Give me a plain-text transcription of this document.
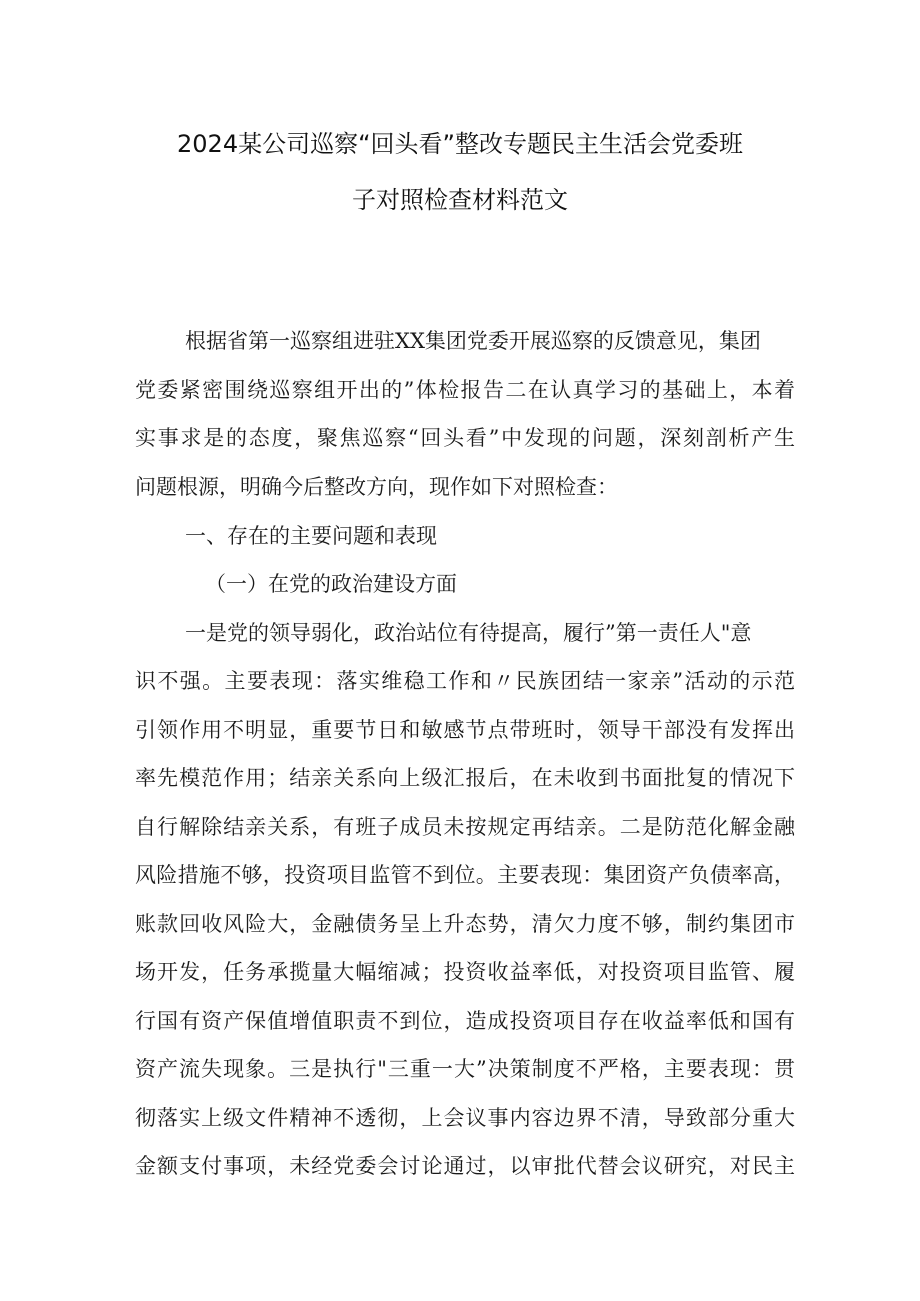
2024某公司巡察“回头看”整改专题民主生活会党委班
子对照检查材料范文
根据省第一巡察组进驻XX集团党委开展巡察的反馈意见，集团
党委紧密围绕巡察组开出的”体检报告二在认真学习的基础上，本着
实事求是的态度，聚焦巡察“回头看”中发现的问题，深刻剖析产生
问题根源，明确今后整改方向，现作如下对照检查：
一、存在的主要问题和表现
（一）在党的政治建设方面
一是党的领导弱化，政治站位有待提高，履行”第一责任人"意
识不强。主要表现：落实维稳工作和〃民族团结一家亲”活动的示范
引领作用不明显，重要节日和敏感节点带班时，领导干部没有发挥出
率先模范作用；结亲关系向上级汇报后，在未收到书面批复的情况下
自行解除结亲关系，有班子成员未按规定再结亲。二是防范化解金融
风险措施不够，投资项目监管不到位。主要表现：集团资产负债率高，
账款回收风险大，金融债务呈上升态势，清欠力度不够，制约集团市
场开发，任务承揽量大幅缩减；投资收益率低，对投资项目监管、履
行国有资产保值增值职责不到位，造成投资项目存在收益率低和国有
资产流失现象。三是执行"三重一大”决策制度不严格，主要表现：贯
彻落实上级文件精神不透彻，上会议事内容边界不清，导致部分重大
金额支付事项，未经党委会讨论通过，以审批代替会议研究，对民主
